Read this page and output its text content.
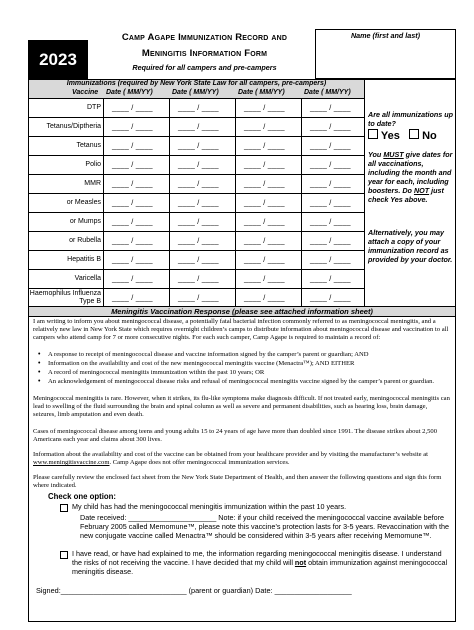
2023
Camp Agape Immunization Record and
Meningitis Information Form
Required for all campers and pre-campers
Name (first and last)
Immunizations (required by New York State Law for all campers, pre-campers)
Vaccine Date ( MM/YY)	Date ( MM/YY)	Date ( MM/YY)	Date ( MM/YY)
DTP ____ / ____	____ / ____	____ / ____	____ / ____
Tetanus/Diptheria ____ / ____	____ / ____	____ / ____	____ / ____
Tetanus ____ / ____	____ / ____	____ / ____	____ / ____
Polio ____ / ____	____ / ____	____ / ____	____ / ____
MMR ____ / ____	____ / ____	____ / ____	____ / ____
or Measles ____ / ____	____ / ____	____ / ____	____ / ____
or Mumps ____ / ____	____ / ____	____ / ____	____ / ____
or Rubella ____ / ____	____ / ____	____ / ____	____ / ____
Hepatitis B ____ / ____	____ / ____	____ / ____	____ / ____
Varicella ____ / ____	____ / ____	____ / ____	____ / ____
Haemophilus Influenza Type B ____ / ____	____ / ____	____ / ____	____ / ____
Are all immunizations up to date?
Yes No
You MUST give dates for all vaccinations, including the month and year for each, including boosters. Do NOT just check Yes above.
Alternatively, you may attach a copy of your immunization record as provided by your doctor.
Meningitis Vaccination Response (please see attached information sheet)
I am writing to inform you about meningococcal disease, a potentially fatal bacterial infection commonly referred to as meningococcal meningitis, and a relatively new law in New York State which requires overnight children’s camps to distribute information about meningococcal disease and vaccination to all campers who attend camp for 7 or more consecutive nights. For each such camper, Camp Agape is required to maintain a record of:
• A response to receipt of meningococcal disease and vaccine information signed by the camper’s parent or guardian; AND
• Information on the availability and cost of the new meningococcal meningitis vaccine (Menactra™); AND EITHER
• A record of meningococcal meningitis immunization within the past 10 years; OR
• An acknowledgement of meningococcal disease risks and refusal of meningococcal meningitis vaccine signed by the camper’s parent or guardian.
Meningococcal meningitis is rare. However, when it strikes, its flu-like symptoms make diagnosis difficult. If not treated early, meningococcal meningitis can lead to swelling of the fluid surrounding the brain and spinal column as well as severe and permanent disabilities, such as hearing loss, brain damage, seizures, limb amputation and even death.
Cases of meningococcal disease among teens and young adults 15 to 24 years of age have more than doubled since 1991. The disease strikes about 2,500 Americans each year and claims about 300 lives.
Information about the availability and cost of the vaccine can be obtained from your healthcare provider and by visiting the manufacturer’s website at www.meningitisvaccine.com. Camp Agape does not offer meningococcal immunization services.
Please carefully review the enclosed fact sheet from the New York State Department of Health, and then answer the following questions and sign this form where indicated.
Check one option:
My child has had the meningococcal meningitis immunization within the past 10 years.
Date received: ______________________ Note: if your child received the meningococcal vaccine available before February 2005 called Memomune™, please note this vaccine’s protection lasts for 3-5 years. Revaccination with the new conjugate vaccine called Menactra™ should be considered within 3-5 years after receiving Memomune™.
I have read, or have had explained to me, the information regarding meningococcal meningitis disease. I understand the risks of not receiving the vaccine. I have decided that my child will not obtain immunization against meningococcal meningitis disease.
Signed:_______________________________ (parent or guardian) Date: ___________________
